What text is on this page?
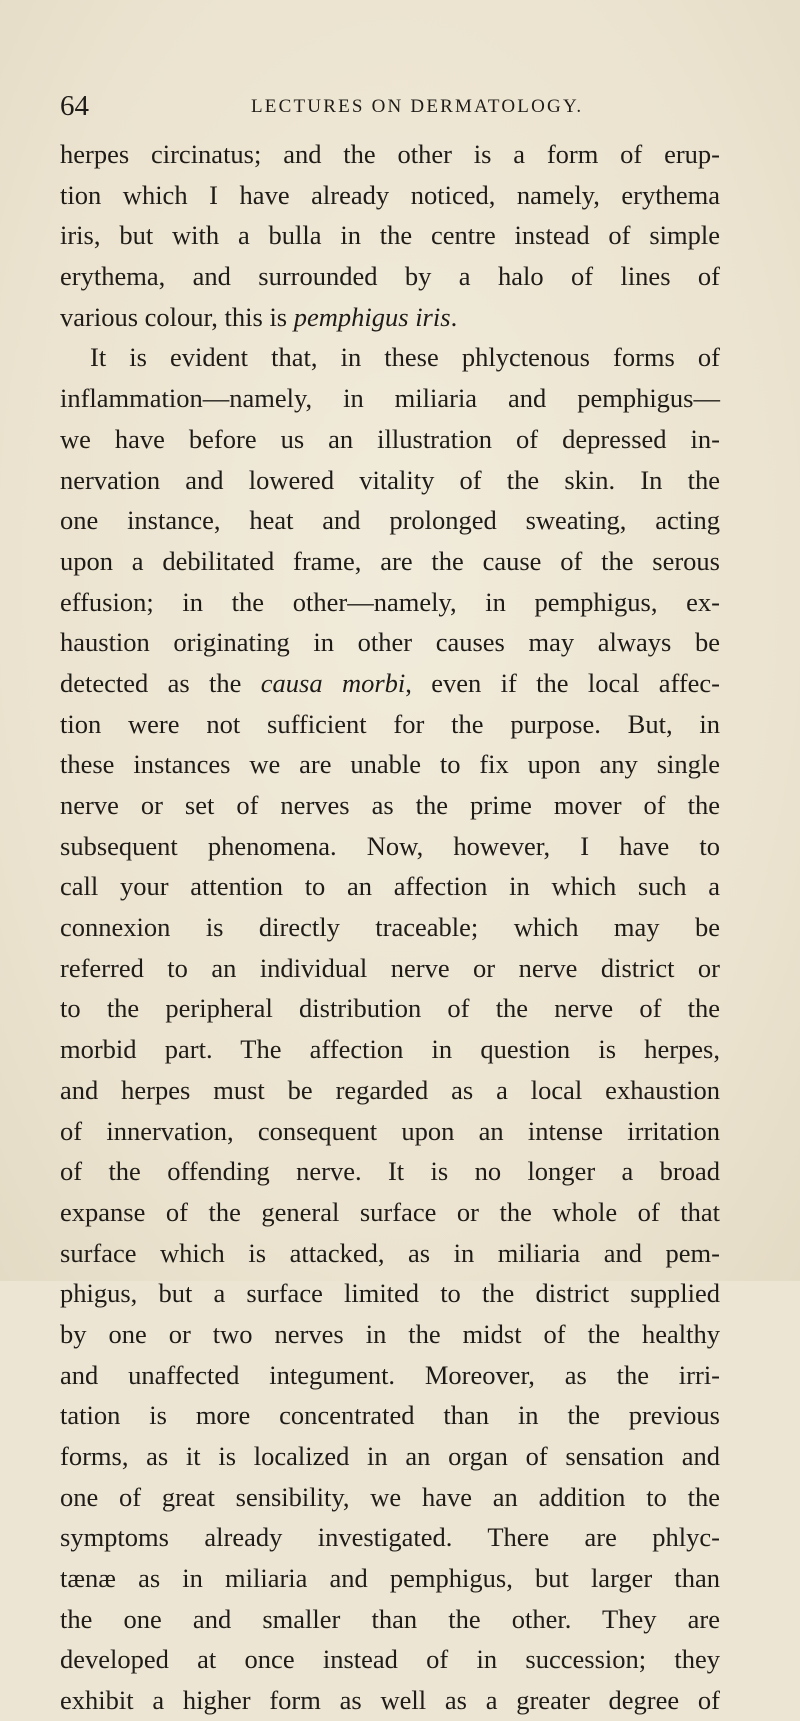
64	LECTURES ON DERMATOLOGY.
herpes circinatus; and the other is a form of erup-
tion which I have already noticed, namely, erythema
iris, but with a bulla in the centre instead of simple
erythema, and surrounded by a halo of lines of
various colour, this is pemphigus iris.
It is evident that, in these phlyctenous forms of
inflammation—namely, in miliaria and pemphigus—
we have before us an illustration of depressed in-
nervation and lowered vitality of the skin. In the
one instance, heat and prolonged sweating, acting
upon a debilitated frame, are the cause of the serous
effusion; in the other—namely, in pemphigus, ex-
haustion originating in other causes may always be
detected as the causa morbi, even if the local affec-
tion were not sufficient for the purpose. But, in
these instances we are unable to fix upon any single
nerve or set of nerves as the prime mover of the
subsequent phenomena. Now, however, I have to
call your attention to an affection in which such a
connexion is directly traceable; which may be
referred to an individual nerve or nerve district or
to the peripheral distribution of the nerve of the
morbid part. The affection in question is herpes,
and herpes must be regarded as a local exhaustion
of innervation, consequent upon an intense irritation
of the offending nerve. It is no longer a broad
expanse of the general surface or the whole of that
surface which is attacked, as in miliaria and pem-
phigus, but a surface limited to the district supplied
by one or two nerves in the midst of the healthy
and unaffected integument. Moreover, as the irri-
tation is more concentrated than in the previous
forms, as it is localized in an organ of sensation and
one of great sensibility, we have an addition to the
symptoms already investigated. There are phlyc-
tænæ as in miliaria and pemphigus, but larger than
the one and smaller than the other. They are
developed at once instead of in succession; they
exhibit a higher form as well as a greater degree of
